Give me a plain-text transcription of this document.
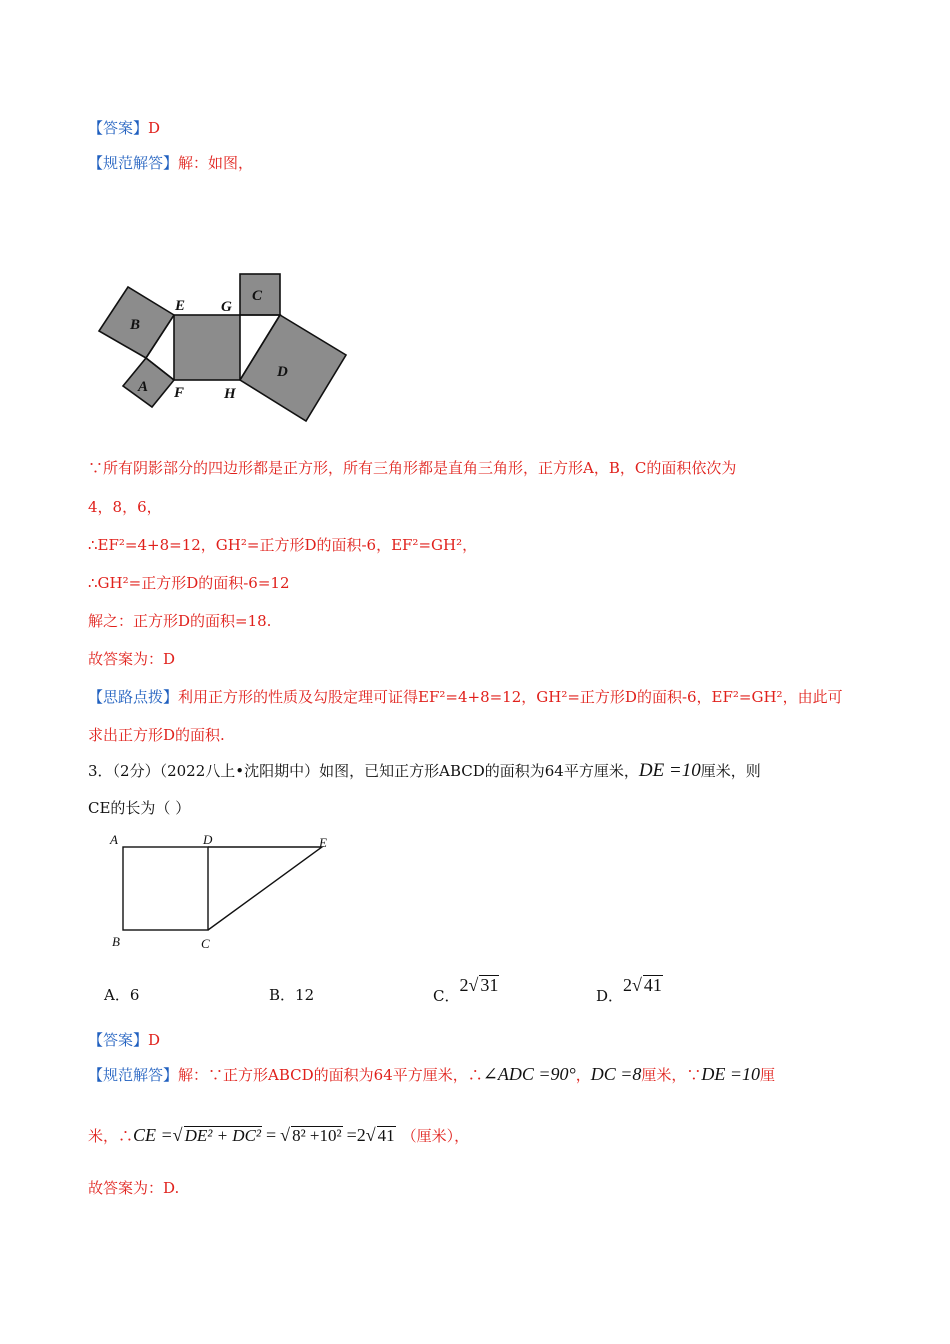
【答案】D
【规范解答】解：如图，
B
A
E G
C
F	H
D
∵所有阴影部分的四边形都是正方形，所有三角形都是直角三角形，正方形A，B，C的面积依次为
4，8，6，
∴EF²=4+8=12，GH²=正方形D的面积-6，EF²=GH²，
∴GH²=正方形D的面积-6=12
解之：正方形D的面积=18.
故答案为：D
【思路点拨】利用正方形的性质及勾股定理可证得EF²=4+8=12，GH²=正方形D的面积-6，EF²=GH²，由此可
求出正方形D的面积.
3．（2分）（2022八上•沈阳期中）如图，已知正方形ABCD的面积为64平方厘米，DE =10厘米，则
CE的长为（ ）
A	D	E
B	C
A．6	B．12	C．2√ 31
D．2√ 41
【答案】D
【规范解答】解：∵正方形ABCD的面积为64平方厘米，∴∠ADC =90°，DC =8厘米，∵DE =10厘
米，∴CE =√ DE² + DC² = √ 8² +10² =2√ 41 （厘米），
故答案为：D.
